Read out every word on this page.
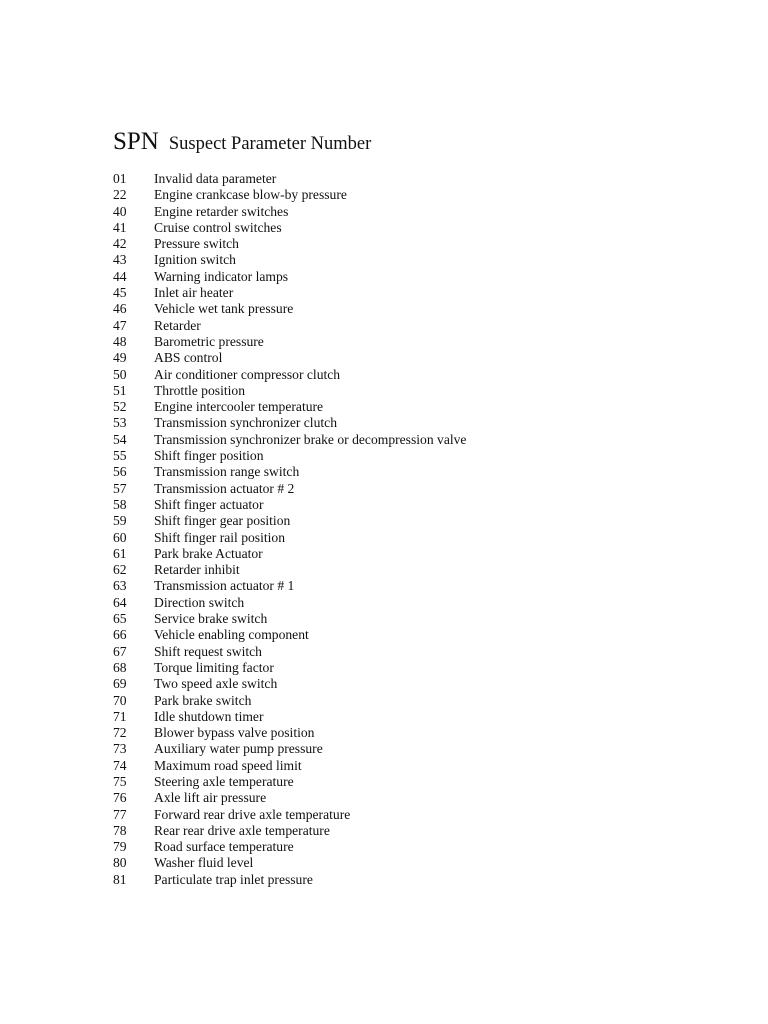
SPN Suspect Parameter Number
01 Invalid data parameter
22 Engine crankcase blow-by pressure
40 Engine retarder switches
41 Cruise control switches
42 Pressure switch
43 Ignition switch
44 Warning indicator lamps
45 Inlet air heater
46 Vehicle wet tank pressure
47 Retarder
48 Barometric pressure
49 ABS control
50 Air conditioner compressor clutch
51 Throttle position
52 Engine intercooler temperature
53 Transmission synchronizer clutch
54 Transmission synchronizer brake or decompression valve
55 Shift finger position
56 Transmission range switch
57 Transmission actuator # 2
58 Shift finger actuator
59 Shift finger gear position
60 Shift finger rail position
61 Park brake Actuator
62 Retarder inhibit
63 Transmission actuator # 1
64 Direction switch
65 Service brake switch
66 Vehicle enabling component
67 Shift request switch
68 Torque limiting factor
69 Two speed axle switch
70 Park brake switch
71 Idle shutdown timer
72 Blower bypass valve position
73 Auxiliary water pump pressure
74 Maximum road speed limit
75 Steering axle temperature
76 Axle lift air pressure
77 Forward rear drive axle temperature
78 Rear rear drive axle temperature
79 Road surface temperature
80 Washer fluid level
81 Particulate trap inlet pressure
